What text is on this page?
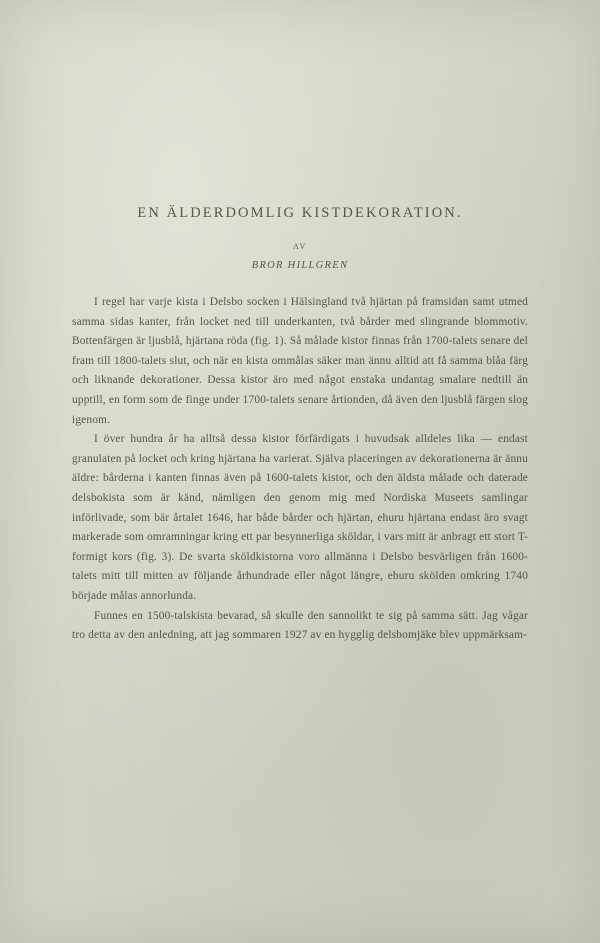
EN ÄLDERDOMLIG KISTDEKORATION.
AV
BROR HILLGREN

I regel har varje kista i Delsbo socken i Hälsingland två hjärtan på framsidan samt utmed samma sidas kanter, från locket ned till underkanten, två bårder med slingrande blommotiv. Bottenfärgen är ljusblå, hjärtana röda (fig. 1). Så målade kistor finnas från 1700-talets senare del fram till 1800-talets slut, och när en kista ommålas säker man ännu alltid att få samma blåa färg och liknande dekorationer. Dessa kistor äro med något enstaka undantag smalare nedtill än upptill, en form som de finge under 1700-talets senare årtionden, då även den ljusblå färgen slog igenom.

I över hundra år ha alltså dessa kistor förfärdigats i huvudsak alldeles lika — endast granulaten på locket och kring hjärtana ha varierat. Själva placeringen av dekorationerna är ännu äldre: bårderna i kanten finnas även på 1600-talets kistor, och den äldsta målade och daterade delsbokista som är känd, nämligen den genom mig med Nordiska Museets samlingar införlivade, som bär årtalet 1646, har både bårder och hjärtan, ehuru hjärtana endast äro svagt markerade som omramningar kring ett par besynnerliga sköldar, i vars mitt är anbragt ett stort T-formigt kors (fig. 3). De svarta sköldkistorna voro allmänna i Delsbo besvärligen från 1600-talets mitt till mitten av följande århundrade eller något längre, ehuru skölden omkring 1740 började målas annorlunda.

Funnes en 1500-talskista bevarad, så skulle den sannolikt te sig på samma sätt. Jag vågar tro detta av den anledning, att jag sommaren 1927 av en hygglig delsbomjäke blev uppmärksam-
